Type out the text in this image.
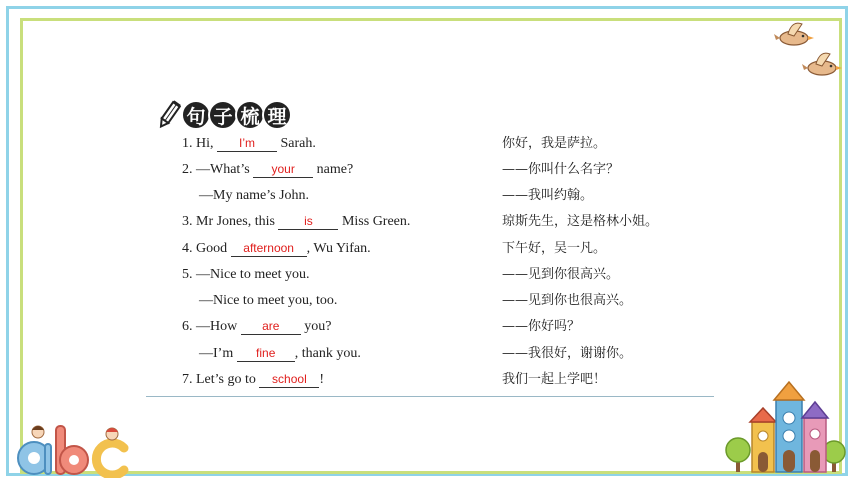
句 子 梳 理
1. Hi, I’m Sarah.	你好，我是萨拉。
2. —What’s your name?	——你叫什么名字？
—My name’s John.	——我叫约翰。
3. Mr Jones, this is Miss Green.	琼斯先生，这是格林小姐。
4. Good afternoon , Wu Yifan.	下午好，吴一凡。
5. —Nice to meet you.	——见到你很高兴。
—Nice to meet you, too.	——见到你也很高兴。
6. —How are you?	——你好吗？
—I’m fine , thank you.	——我很好，谢谢你。
7. Let’s go to school !	我们一起上学吧！
